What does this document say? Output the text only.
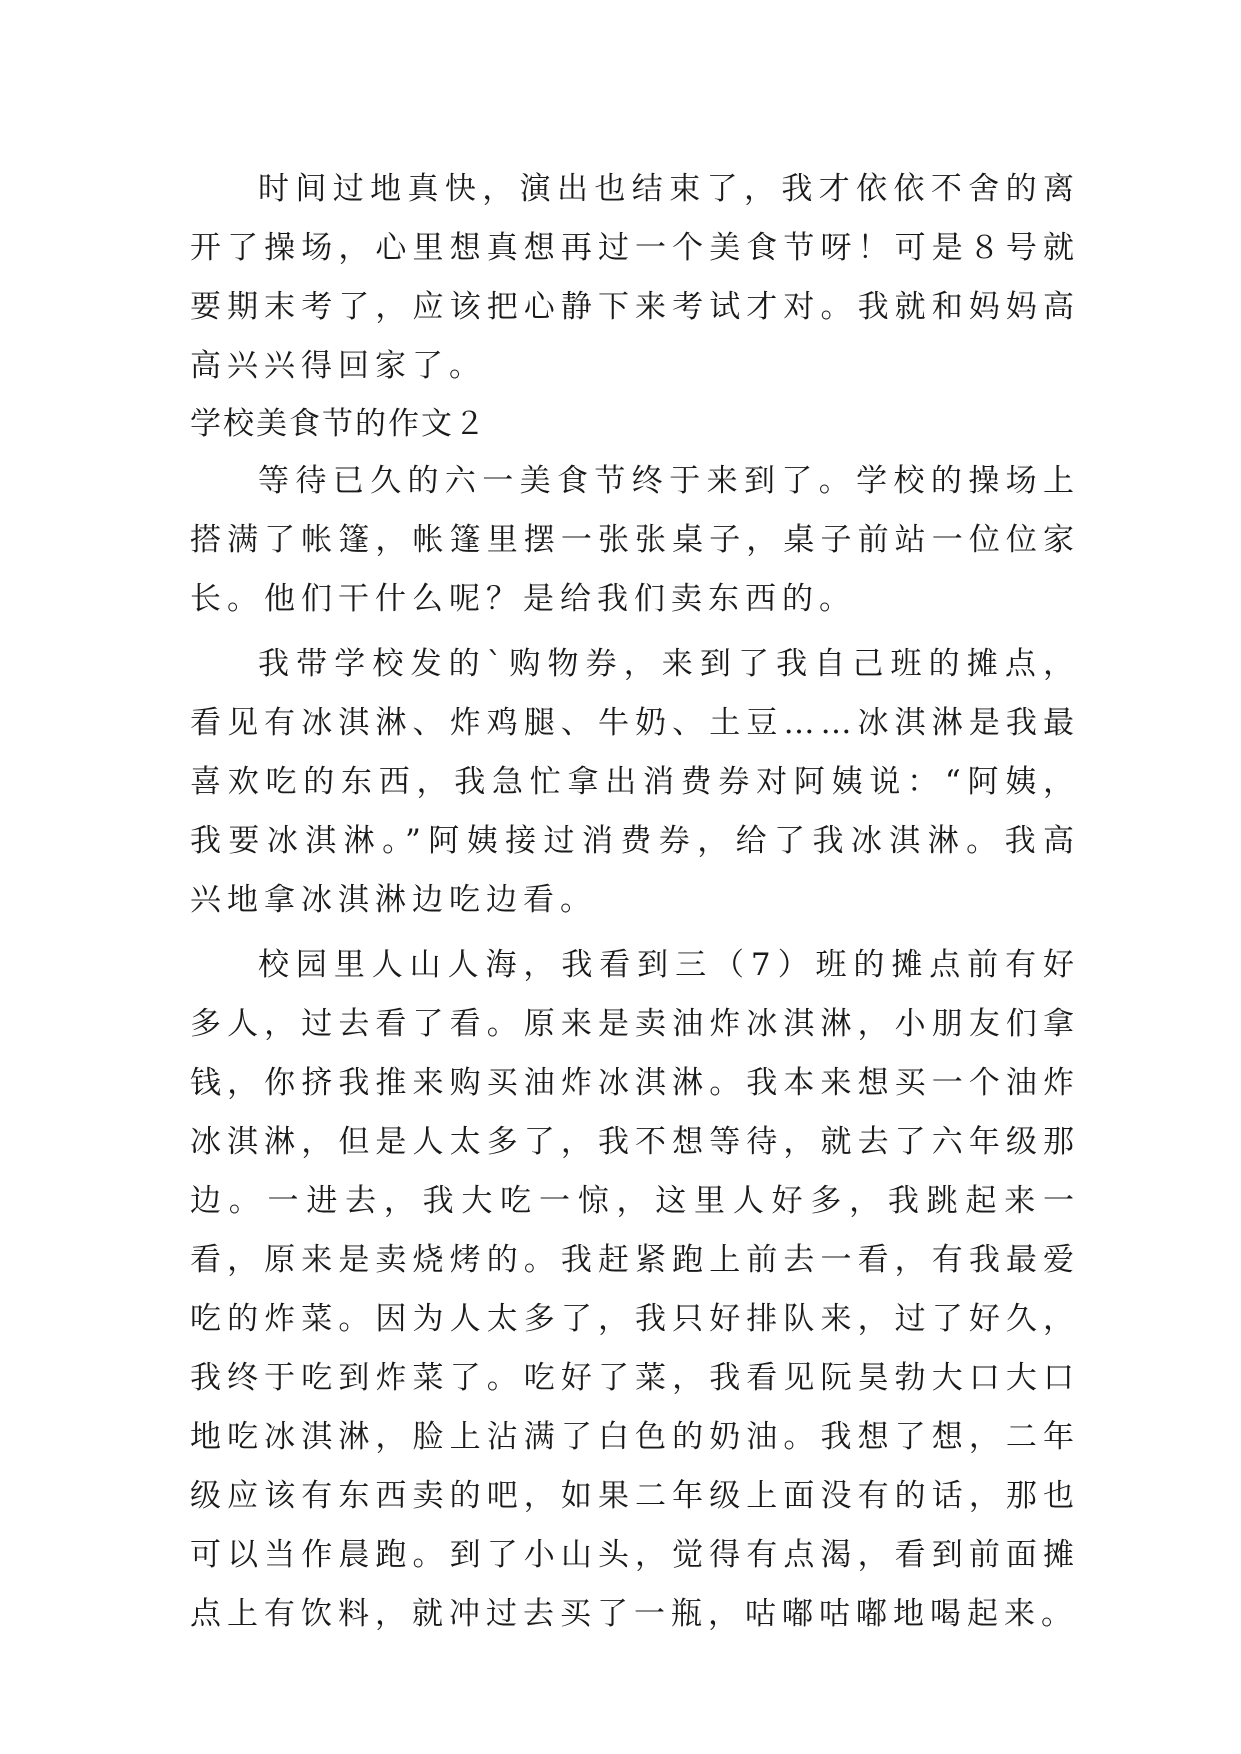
时间过地真快，演出也结束了，我才依依不舍的离开了操场，心里想真想再过一个美食节呀！可是８号就要期末考了，应该把心静下来考试才对。我就和妈妈高高兴兴得回家了。

学校美食节的作文２

等待已久的六一美食节终于来到了。学校的操场上搭满了帐篷，帐篷里摆一张张桌子，桌子前站一位位家长。他们干什么呢？是给我们卖东西的。

我带学校发的`购物券，来到了我自己班的摊点，看见有冰淇淋、炸鸡腿、牛奶、土豆……冰淇淋是我最喜欢吃的东西，我急忙拿出消费券对阿姨说：“阿姨，我要冰淇淋。”阿姨接过消费券，给了我冰淇淋。我高兴地拿冰淇淋边吃边看。

校园里人山人海，我看到三（7）班的摊点前有好多人，过去看了看。原来是卖油炸冰淇淋，小朋友们拿钱，你挤我推来购买油炸冰淇淋。我本来想买一个油炸冰淇淋，但是人太多了，我不想等待，就去了六年级那边。一进去，我大吃一惊，这里人好多，我跳起来一看，原来是卖烧烤的。我赶紧跑上前去一看，有我最爱吃的炸菜。因为人太多了，我只好排队来，过了好久，我终于吃到炸菜了。吃好了菜，我看见阮昊勃大口大口地吃冰淇淋，脸上沾满了白色的奶油。我想了想，二年级应该有东西卖的吧，如果二年级上面没有的话，那也可以当作晨跑。到了小山头，觉得有点渴，看到前面摊点上有饮料，就冲过去买了一瓶，咕嘟咕嘟地喝起来。
